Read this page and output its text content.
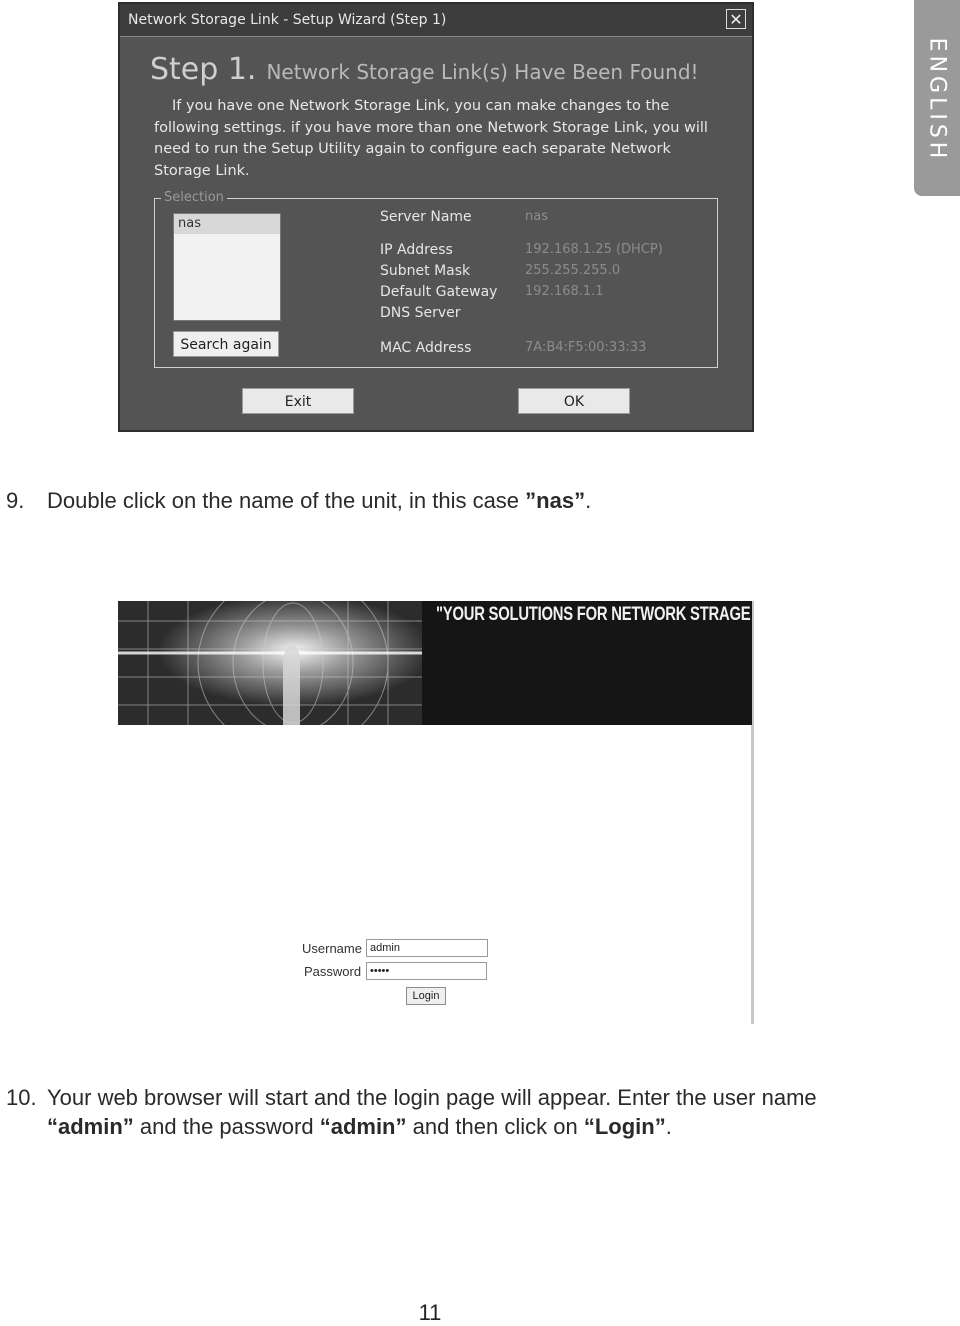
ENGLISH
Network Storage Link - Setup Wizard (Step 1)	✕
Step 1. Network Storage Link(s) Have Been Found!
If you have one Network Storage Link, you can make changes to the following settings. if you have more than one Network Storage Link, you will need to run the Setup Utility again to configure each separate Network Storage Link.
Selection
nas
Search again
Server Name	nas
IP Address	192.168.1.25 (DHCP)
Subnet Mask	255.255.255.0
Default Gateway 192.168.1.1
DNS Server
MAC Address	7A:B4:F5:00:33:33
Exit	OK
9. Double click on the name of the unit, in this case ”nas”.
"YOUR SOLUTIONS FOR NETWORK STRAGE
Username admin
Password •••••
Login
10. Your web browser will start and the login page will appear. Enter the user name “admin” and the password “admin” and then click on “Login”.
11
